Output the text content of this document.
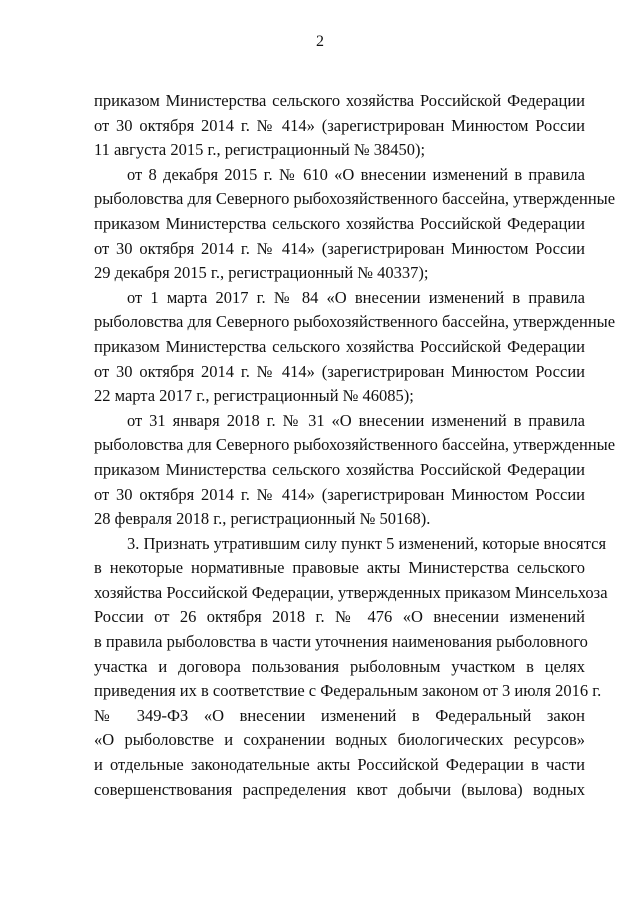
2
приказом Министерства сельского хозяйства Российской Федерации
от 30 октября 2014 г. № 414» (зарегистрирован Минюстом России
11 августа 2015 г., регистрационный № 38450);
от 8 декабря 2015 г. № 610 «О внесении изменений в правила
рыболовства для Северного рыбохозяйственного бассейна, утвержденные
приказом Министерства сельского хозяйства Российской Федерации
от 30 октября 2014 г. № 414» (зарегистрирован Минюстом России
29 декабря 2015 г., регистрационный № 40337);
от 1 марта 2017 г. № 84 «О внесении изменений в правила
рыболовства для Северного рыбохозяйственного бассейна, утвержденные
приказом Министерства сельского хозяйства Российской Федерации
от 30 октября 2014 г. № 414» (зарегистрирован Минюстом России
22 марта 2017 г., регистрационный № 46085);
от 31 января 2018 г. № 31 «О внесении изменений в правила
рыболовства для Северного рыбохозяйственного бассейна, утвержденные
приказом Министерства сельского хозяйства Российской Федерации
от 30 октября 2014 г. № 414» (зарегистрирован Минюстом России
28 февраля 2018 г., регистрационный № 50168).
3. Признать утратившим силу пункт 5 изменений, которые вносятся
в некоторые нормативные правовые акты Министерства сельского
хозяйства Российской Федерации, утвержденных приказом Минсельхоза
России от 26 октября 2018 г. № 476 «О внесении изменений
в правила рыболовства в части уточнения наименования рыболовного
участка и договора пользования рыболовным участком в целях
приведения их в соответствие с Федеральным законом от 3 июля 2016 г.
№ 349-ФЗ «О внесении изменений в Федеральный закон
«О рыболовстве и сохранении водных биологических ресурсов»
и отдельные законодательные акты Российской Федерации в части
совершенствования распределения квот добычи (вылова) водных
